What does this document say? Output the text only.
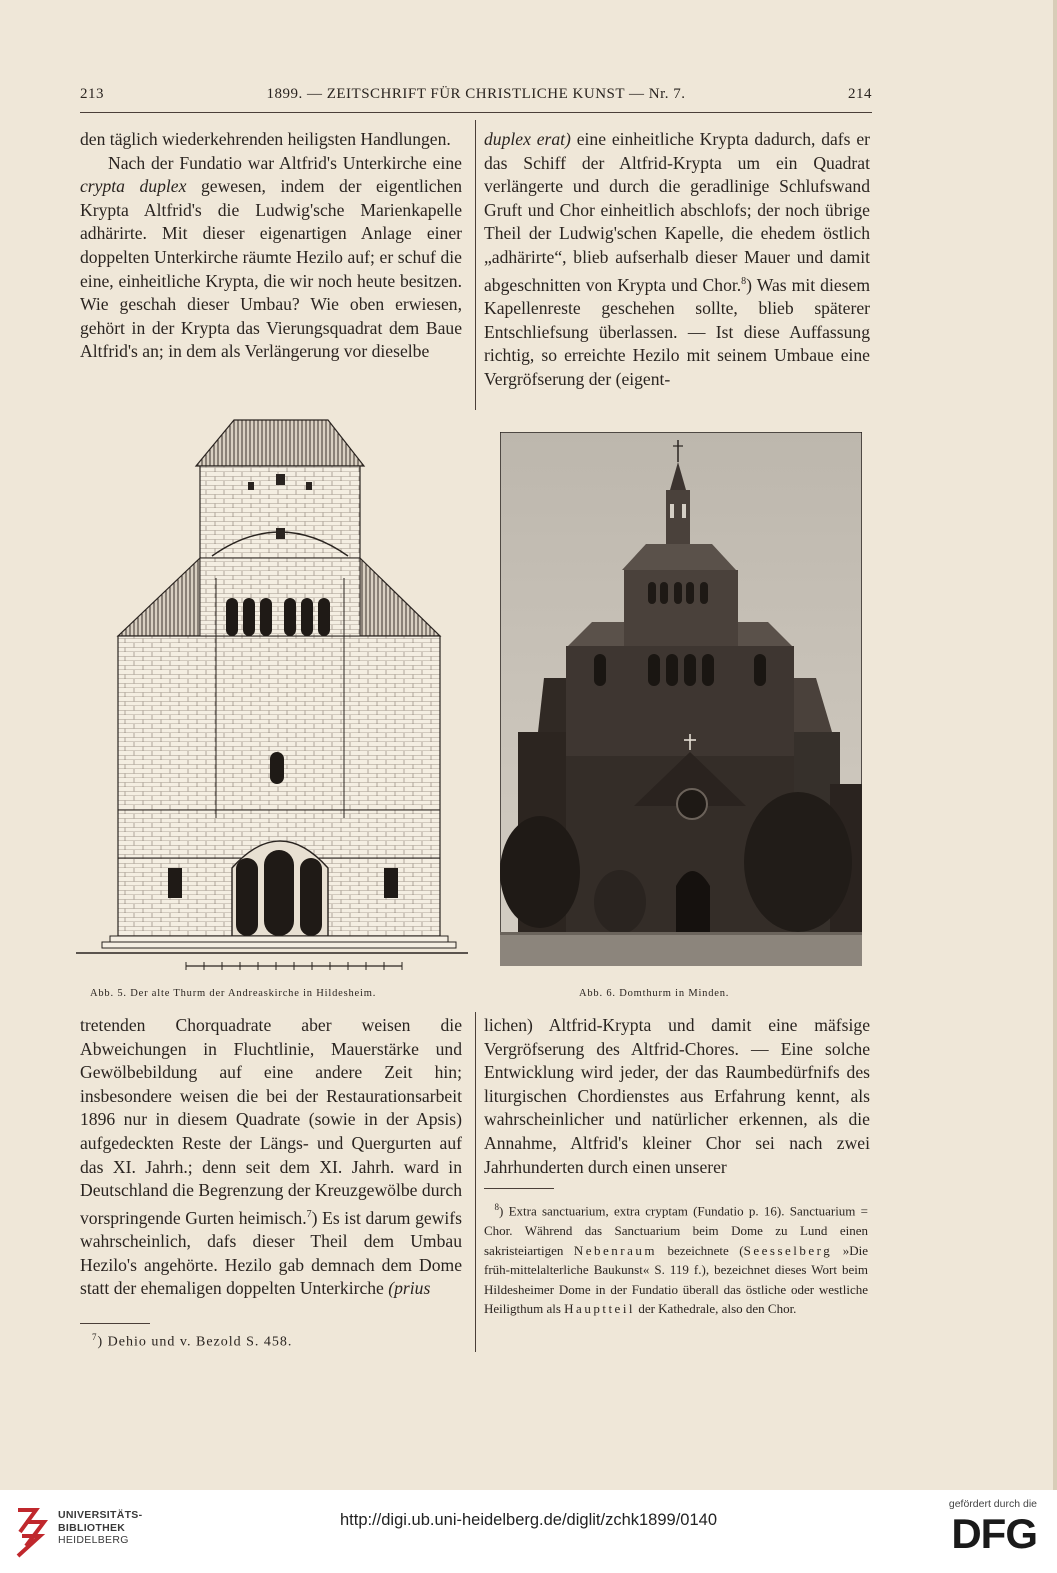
213	1899. — ZEITSCHRIFT FÜR CHRISTLICHE KUNST — Nr. 7.	214

den täglich wiederkehrenden heiligsten Handlungen.

Nach der Fundatio war Altfrid's Unterkirche eine crypta duplex gewesen, indem der eigentlichen Krypta Altfrid's die Ludwig'sche Marienkapelle adhärirte. Mit dieser eigenartigen Anlage einer doppelten Unterkirche räumte Hezilo auf; er schuf die eine, einheitliche Krypta, die wir noch heute besitzen. Wie geschah dieser Umbau? Wie oben erwiesen, gehört in der Krypta das Vierungsquadrat dem Baue Altfrid's an; in dem als Verlängerung vor dieselbe

duplex erat) eine einheitliche Krypta dadurch, dafs er das Schiff der Altfrid-Krypta um ein Quadrat verlängerte und durch die geradlinige Schlufswand Gruft und Chor einheitlich abschlofs; der noch übrige Theil der Ludwig'schen Kapelle, die ehedem östlich „adhärirte“, blieb aufserhalb dieser Mauer und damit abgeschnitten von Krypta und Chor.$^8$) Was mit diesem Kapellenreste geschehen sollte, blieb späterer Entschliefsung überlassen. — Ist diese Auffassung richtig, so erreichte Hezilo mit seinem Umbaue eine Vergröfserung der (eigent-

Abb. 5. Der alte Thurm der Andreaskirche in Hildesheim.	Abb. 6. Domthurm in Minden.

tretenden Chorquadrate aber weisen die Abweichungen in Fluchtlinie, Mauerstärke und Gewölbebildung auf eine andere Zeit hin; insbesondere weisen die bei der Restaurationsarbeit 1896 nur in diesem Quadrate (sowie in der Apsis) aufgedeckten Reste der Längs- und Quergurten auf das XI. Jahrh.; denn seit dem XI. Jahrh. ward in Deutschland die Begrenzung der Kreuzgewölbe durch vorspringende Gurten heimisch.$^7$) Es ist darum gewifs wahrscheinlich, dafs dieser Theil dem Umbau Hezilo's angehörte. Hezilo gab demnach dem Dome statt der ehemaligen doppelten Unterkirche (prius

$^7$) Dehio und v. Bezold S. 458.

lichen) Altfrid-Krypta und damit eine mäfsige Vergröfserung des Altfrid-Chores. — Eine solche Entwicklung wird jeder, der das Raumbedürfnifs des liturgischen Chordienstes aus Erfahrung kennt, als wahrscheinlicher und natürlicher erkennen, als die Annahme, Altfrid's kleiner Chor sei nach zwei Jahrhunderten durch einen unserer

$^8$) Extra sanctuarium, extra cryptam (Fundatio p. 16). Sanctuarium = Chor. Während das Sanctuarium beim Dome zu Lund einen sakristeiartigen Nebenraum bezeichnete (Seesselberg »Die früh-mittelalterliche Baukunst« S. 119 f.), bezeichnet dieses Wort beim Hildesheimer Dome in der Fundatio überall das östliche oder westliche Heiligthum als Hauptteil der Kathedrale, also den Chor.
UNIVERSITÄTS-
BIBLIOTHEK
HEIDELBERG
http://digi.ub.uni-heidelberg.de/diglit/zchk1899/0140
gefördert durch die
DFG
